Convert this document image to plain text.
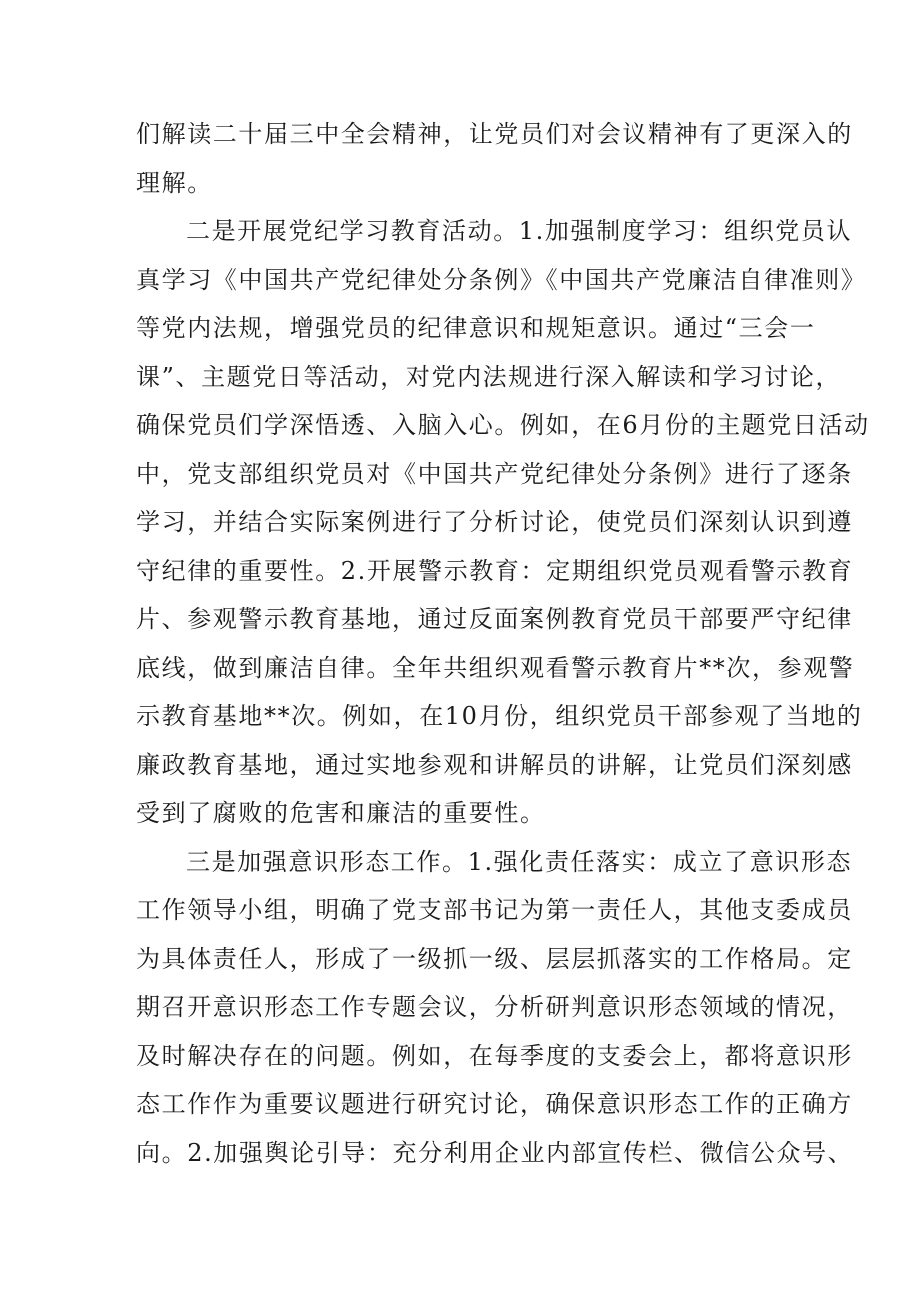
们解读二十届三中全会精神，让党员们对会议精神有了更深入的
理解。
二是开展党纪学习教育活动。1.加强制度学习：组织党员认
真学习《中国共产党纪律处分条例》《中国共产党廉洁自律准则》
等党内法规，增强党员的纪律意识和规矩意识。通过“三会一
课”、主题党日等活动，对党内法规进行深入解读和学习讨论，
确保党员们学深悟透、入脑入心。例如，在6月份的主题党日活动
中，党支部组织党员对《中国共产党纪律处分条例》进行了逐条
学习，并结合实际案例进行了分析讨论，使党员们深刻认识到遵
守纪律的重要性。2.开展警示教育：定期组织党员观看警示教育
片、参观警示教育基地，通过反面案例教育党员干部要严守纪律
底线，做到廉洁自律。全年共组织观看警示教育片**次，参观警
示教育基地**次。例如，在10月份，组织党员干部参观了当地的
廉政教育基地，通过实地参观和讲解员的讲解，让党员们深刻感
受到了腐败的危害和廉洁的重要性。
三是加强意识形态工作。1.强化责任落实：成立了意识形态
工作领导小组，明确了党支部书记为第一责任人，其他支委成员
为具体责任人，形成了一级抓一级、层层抓落实的工作格局。定
期召开意识形态工作专题会议，分析研判意识形态领域的情况，
及时解决存在的问题。例如，在每季度的支委会上，都将意识形
态工作作为重要议题进行研究讨论，确保意识形态工作的正确方
向。2.加强舆论引导：充分利用企业内部宣传栏、微信公众号、
